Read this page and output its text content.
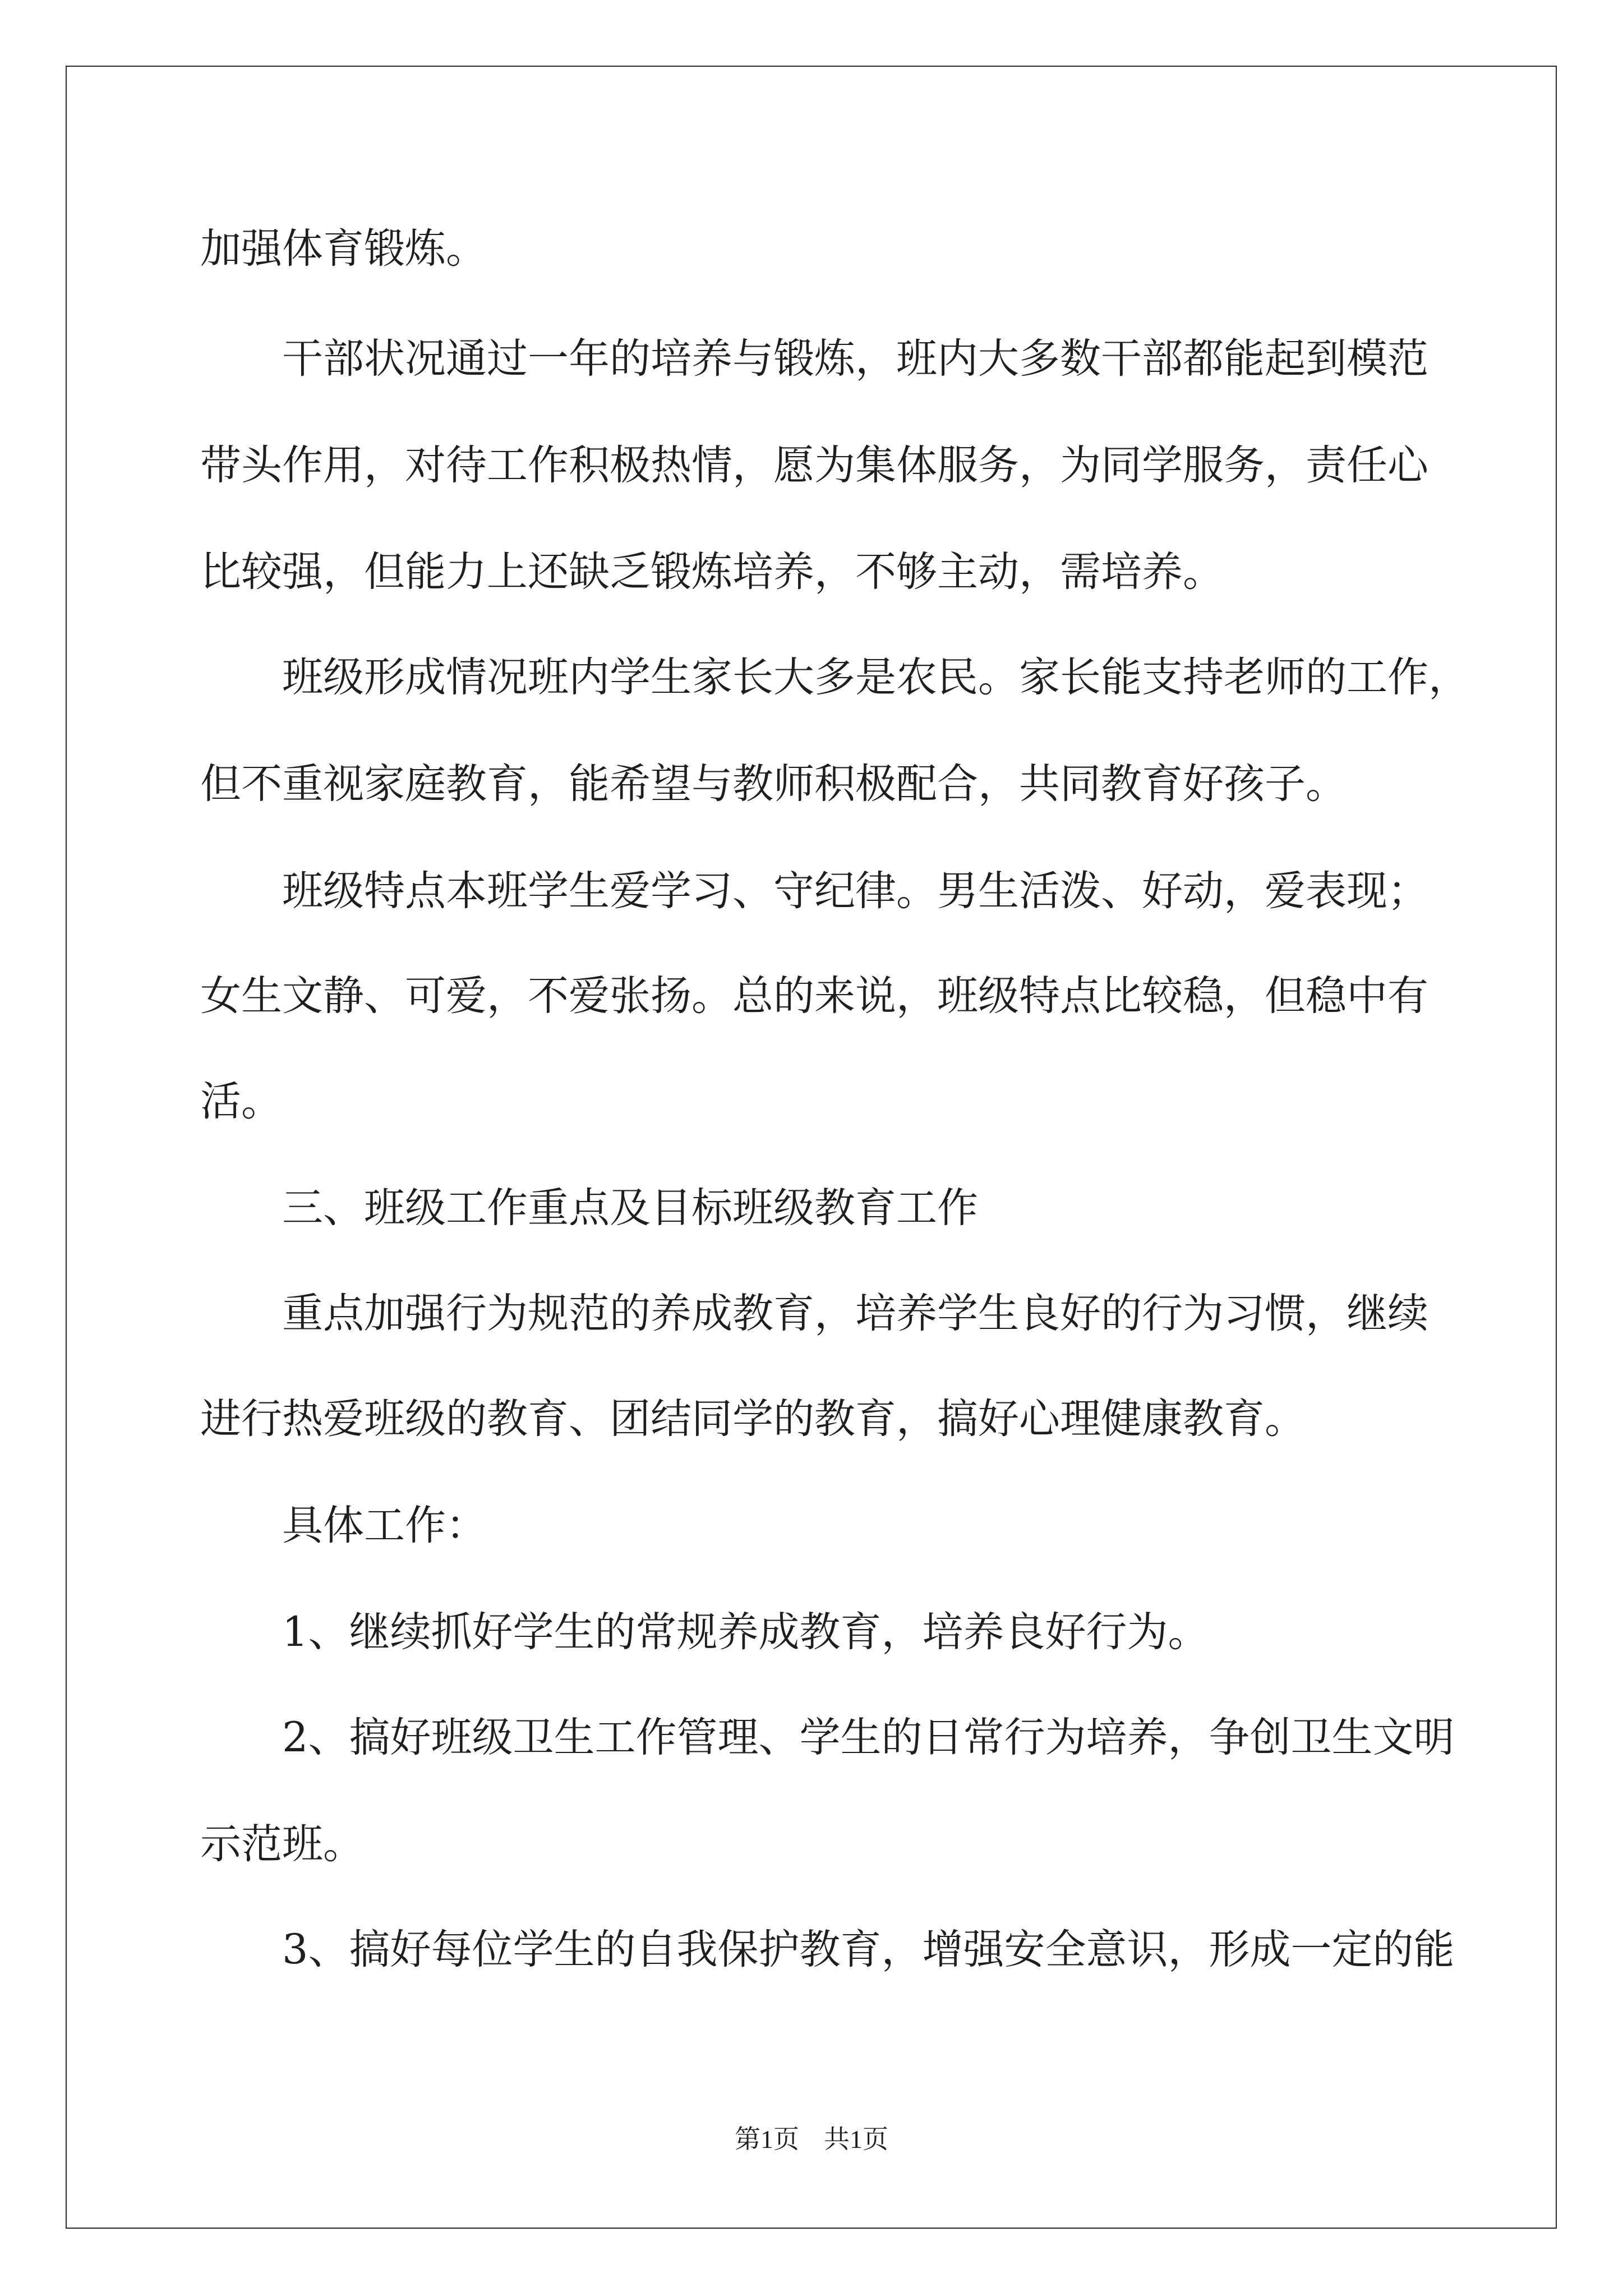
加强体育锻炼。
干部状况通过一年的培养与锻炼，班内大多数干部都能起到模范
带头作用，对待工作积极热情，愿为集体服务，为同学服务，责任心
比较强，但能力上还缺乏锻炼培养，不够主动，需培养。
班级形成情况班内学生家长大多是农民。家长能支持老师的工作，
但不重视家庭教育，能希望与教师积极配合，共同教育好孩子。
班级特点本班学生爱学习、守纪律。男生活泼、好动，爱表现；
女生文静、可爱，不爱张扬。总的来说，班级特点比较稳，但稳中有
活。
三、班级工作重点及目标班级教育工作
重点加强行为规范的养成教育，培养学生良好的行为习惯，继续
进行热爱班级的教育、团结同学的教育，搞好心理健康教育。
具体工作：
1、继续抓好学生的常规养成教育，培养良好行为。
2、搞好班级卫生工作管理、学生的日常行为培养，争创卫生文明
示范班。
3、搞好每位学生的自我保护教育，增强安全意识，形成一定的能
第1页 共1页
